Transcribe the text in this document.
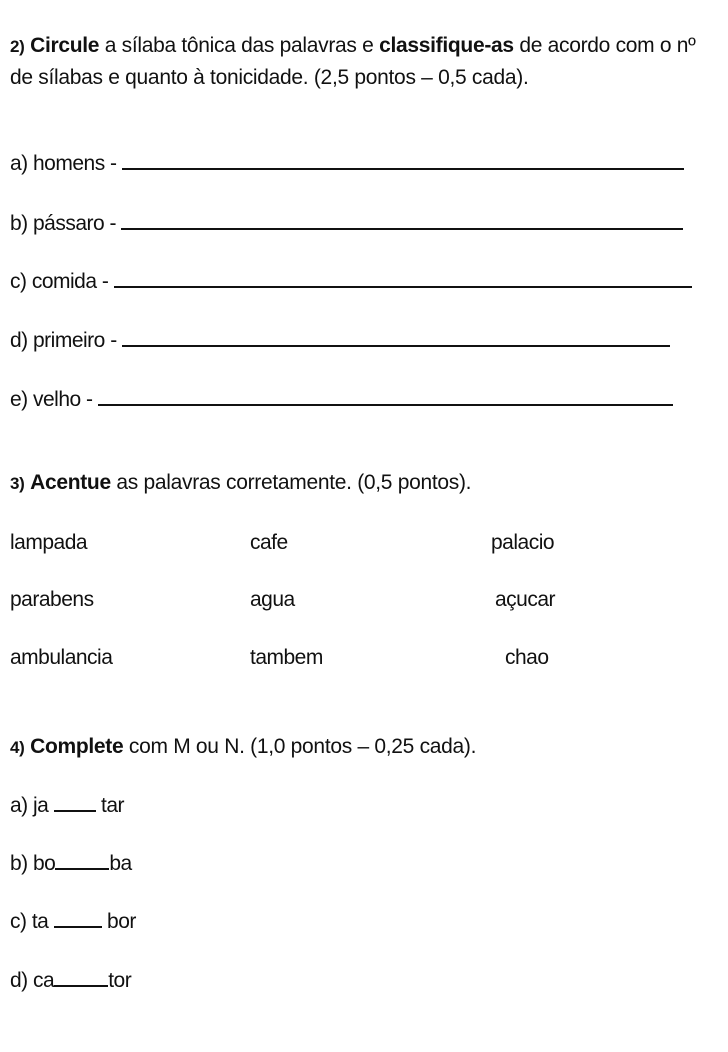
2) Circule a sílaba tônica das palavras e classifique-as de acordo com o nº de sílabas e quanto à tonicidade. (2,5 pontos – 0,5 cada).

a) homens -
b) pássaro -
c) comida -
d) primeiro -
e) velho -

3) Acentue as palavras corretamente. (0,5 pontos).

lampada	cafe	palacio
parabens	agua	açucar
ambulancia	tambem	chao

4) Complete com M ou N. (1,0 pontos – 0,25 cada).

a) ja	tar
b) bo	ba
c) ta	bor
d) ca	tor
